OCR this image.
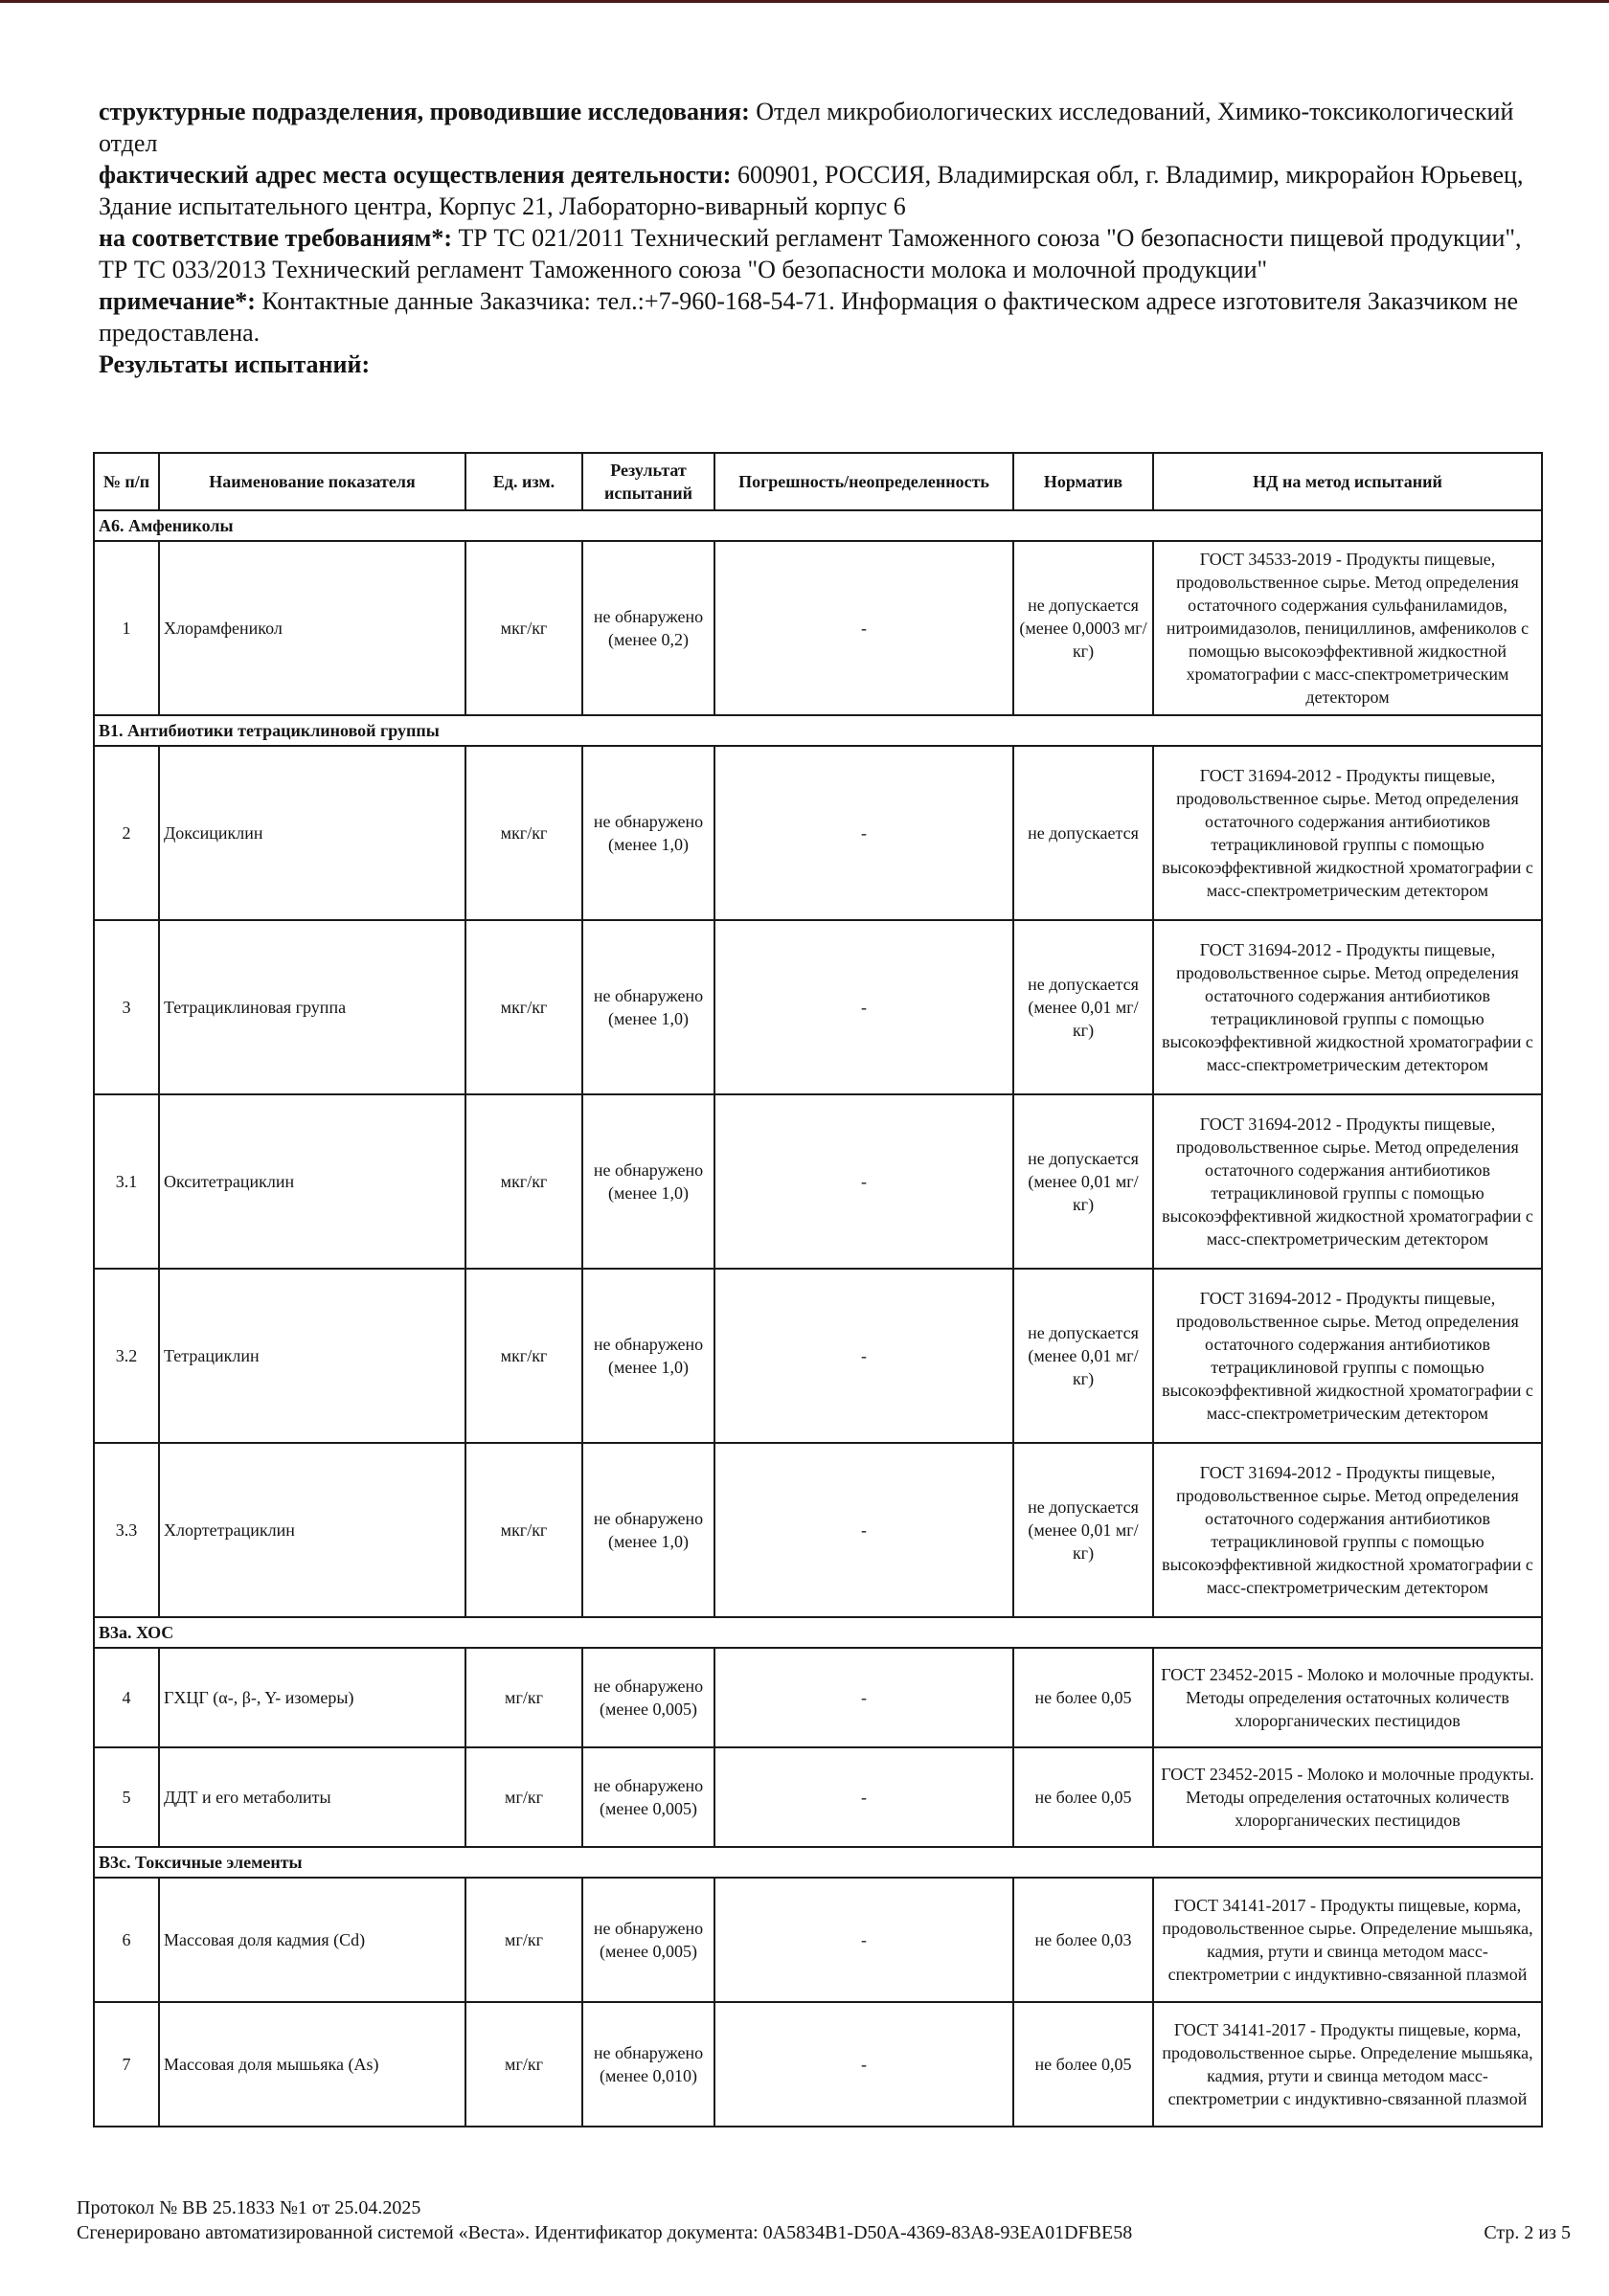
структурные подразделения, проводившие исследования: Отдел микробиологических исследований, Химико-токсикологический отдел

фактический адрес места осуществления деятельности: 600901, РОССИЯ, Владимирская обл, г. Владимир, микрорайон Юрьевец, Здание испытательного центра, Корпус 21, Лабораторно-виварный корпус 6

на соответствие требованиям*: ТР ТС 021/2011 Технический регламент Таможенного союза "О безопасности пищевой продукции", ТР ТС 033/2013 Технический регламент Таможенного союза "О безопасности молока и молочной продукции"

примечание*: Контактные данные Заказчика: тел.:+7-960-168-54-71. Информация о фактическом адресе изготовителя Заказчиком не предоставлена.

Результаты испытаний:

№ п/п	Наименование показателя	Ед. изм.	Результат испытаний	Погрешность/неопределенность	Норматив	НД на метод испытаний
А6. Амфениколы						
1	Хлорамфеникол	мкг/кг	не обнаружено (менее 0,2)	-	не допускается (менее 0,0003 мг/кг)	ГОСТ 34533-2019 - Продукты пищевые, продовольственное сырье. Метод определения остаточного содержания сульфаниламидов, нитроимидазолов, пенициллинов, амфениколов с помощью высокоэффективной жидкостной хроматографии с масс-спектрометрическим детектором
В1. Антибиотики тетрациклиновой группы						
2	Доксициклин	мкг/кг	не обнаружено (менее 1,0)	-	не допускается	ГОСТ 31694-2012 - Продукты пищевые, продовольственное сырье. Метод определения остаточного содержания антибиотиков тетрациклиновой группы с помощью высокоэффективной жидкостной хроматографии с масс-спектрометрическим детектором
3	Тетрациклиновая группа	мкг/кг	не обнаружено (менее 1,0)	-	не допускается (менее 0,01 мг/кг)	ГОСТ 31694-2012 - Продукты пищевые, продовольственное сырье. Метод определения остаточного содержания антибиотиков тетрациклиновой группы с помощью высокоэффективной жидкостной хроматографии с масс-спектрометрическим детектором
3.1	Окситетрациклин	мкг/кг	не обнаружено (менее 1,0)	-	не допускается (менее 0,01 мг/кг)	ГОСТ 31694-2012 - Продукты пищевые, продовольственное сырье. Метод определения остаточного содержания антибиотиков тетрациклиновой группы с помощью высокоэффективной жидкостной хроматографии с масс-спектрометрическим детектором
3.2	Тетрациклин	мкг/кг	не обнаружено (менее 1,0)	-	не допускается (менее 0,01 мг/кг)	ГОСТ 31694-2012 - Продукты пищевые, продовольственное сырье. Метод определения остаточного содержания антибиотиков тетрациклиновой группы с помощью высокоэффективной жидкостной хроматографии с масс-спектрометрическим детектором
3.3	Хлортетрациклин	мкг/кг	не обнаружено (менее 1,0)	-	не допускается (менее 0,01 мг/кг)	ГОСТ 31694-2012 - Продукты пищевые, продовольственное сырье. Метод определения остаточного содержания антибиотиков тетрациклиновой группы с помощью высокоэффективной жидкостной хроматографии с масс-спектрометрическим детектором
В3а. ХОС						
4	ГХЦГ (α-, β-, Υ- изомеры)	мг/кг	не обнаружено (менее 0,005)	-	не более 0,05	ГОСТ 23452-2015 - Молоко и молочные продукты. Методы определения остаточных количеств хлорорганических пестицидов
5	ДДТ и его метаболиты	мг/кг	не обнаружено (менее 0,005)	-	не более 0,05	ГОСТ 23452-2015 - Молоко и молочные продукты. Методы определения остаточных количеств хлорорганических пестицидов
В3с. Токсичные элементы						
6	Массовая доля кадмия (Cd)	мг/кг	не обнаружено (менее 0,005)	-	не более 0,03	ГОСТ 34141-2017 - Продукты пищевые, корма, продовольственное сырье. Определение мышьяка, кадмия, ртути и свинца методом масс-спектрометрии с индуктивно-связанной плазмой
7	Массовая доля мышьяка (As)	мг/кг	не обнаружено (менее 0,010)	-	не более 0,05	ГОСТ 34141-2017 - Продукты пищевые, корма, продовольственное сырье. Определение мышьяка, кадмия, ртути и свинца методом масс-спектрометрии с индуктивно-связанной плазмой

Протокол № ВВ 25.1833 №1 от 25.04.2025

Сгенерировано автоматизированной системой «Веста». Идентификатор документа: 0A5834B1-D50A-4369-83A8-93EA01DFBE58	Стр. 2 из 5
